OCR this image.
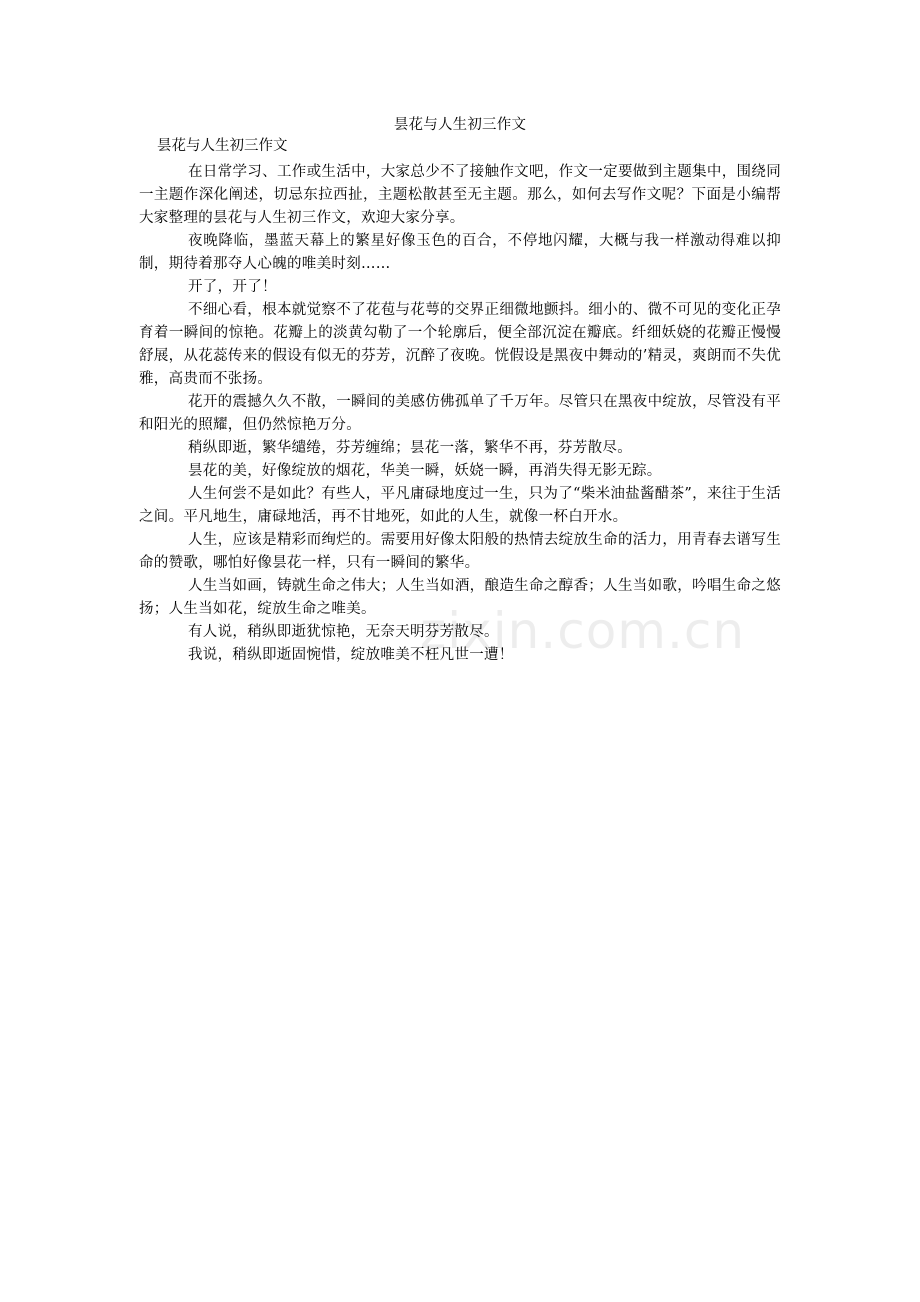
昙花与人生初三作文
昙花与人生初三作文

在日常学习、工作或生活中，大家总少不了接触作文吧，作文一定要做到主题集中，围绕同一主题作深化阐述，切忌东拉西扯，主题松散甚至无主题。那么，如何去写作文呢？下面是小编帮大家整理的昙花与人生初三作文，欢迎大家分享。

夜晚降临，墨蓝天幕上的繁星好像玉色的百合，不停地闪耀，大概与我一样激动得难以抑制，期待着那夺人心魄的唯美时刻……

开了，开了！

不细心看，根本就觉察不了花苞与花萼的交界正细微地颤抖。细小的、微不可见的变化正孕育着一瞬间的惊艳。花瓣上的淡黄勾勒了一个轮廓后，便全部沉淀在瓣底。纤细妖娆的花瓣正慢慢舒展，从花蕊传来的假设有似无的芬芳，沉醉了夜晚。恍假设是黑夜中舞动的’精灵，爽朗而不失优雅，高贵而不张扬。

花开的震撼久久不散，一瞬间的美感仿佛孤单了千万年。尽管只在黑夜中绽放，尽管没有平和阳光的照耀，但仍然惊艳万分。

稍纵即逝，繁华缱绻，芬芳缠绵；昙花一落，繁华不再，芬芳散尽。

昙花的美，好像绽放的烟花，华美一瞬，妖娆一瞬，再消失得无影无踪。

人生何尝不是如此？有些人，平凡庸碌地度过一生，只为了“柴米油盐酱醋茶”，来往于生活之间。平凡地生，庸碌地活，再不甘地死，如此的人生，就像一杯白开水。

人生，应该是精彩而绚烂的。需要用好像太阳般的热情去绽放生命的活力，用青春去谱写生命的赞歌，哪怕好像昙花一样，只有一瞬间的繁华。

人生当如画，铸就生命之伟大；人生当如酒，酿造生命之醇香；人生当如歌，吟唱生命之悠扬；人生当如花，绽放生命之唯美。

有人说，稍纵即逝犹惊艳，无奈天明芬芳散尽。

我说，稍纵即逝固惋惜，绽放唯美不枉凡世一遭！

zixin.com.cn
